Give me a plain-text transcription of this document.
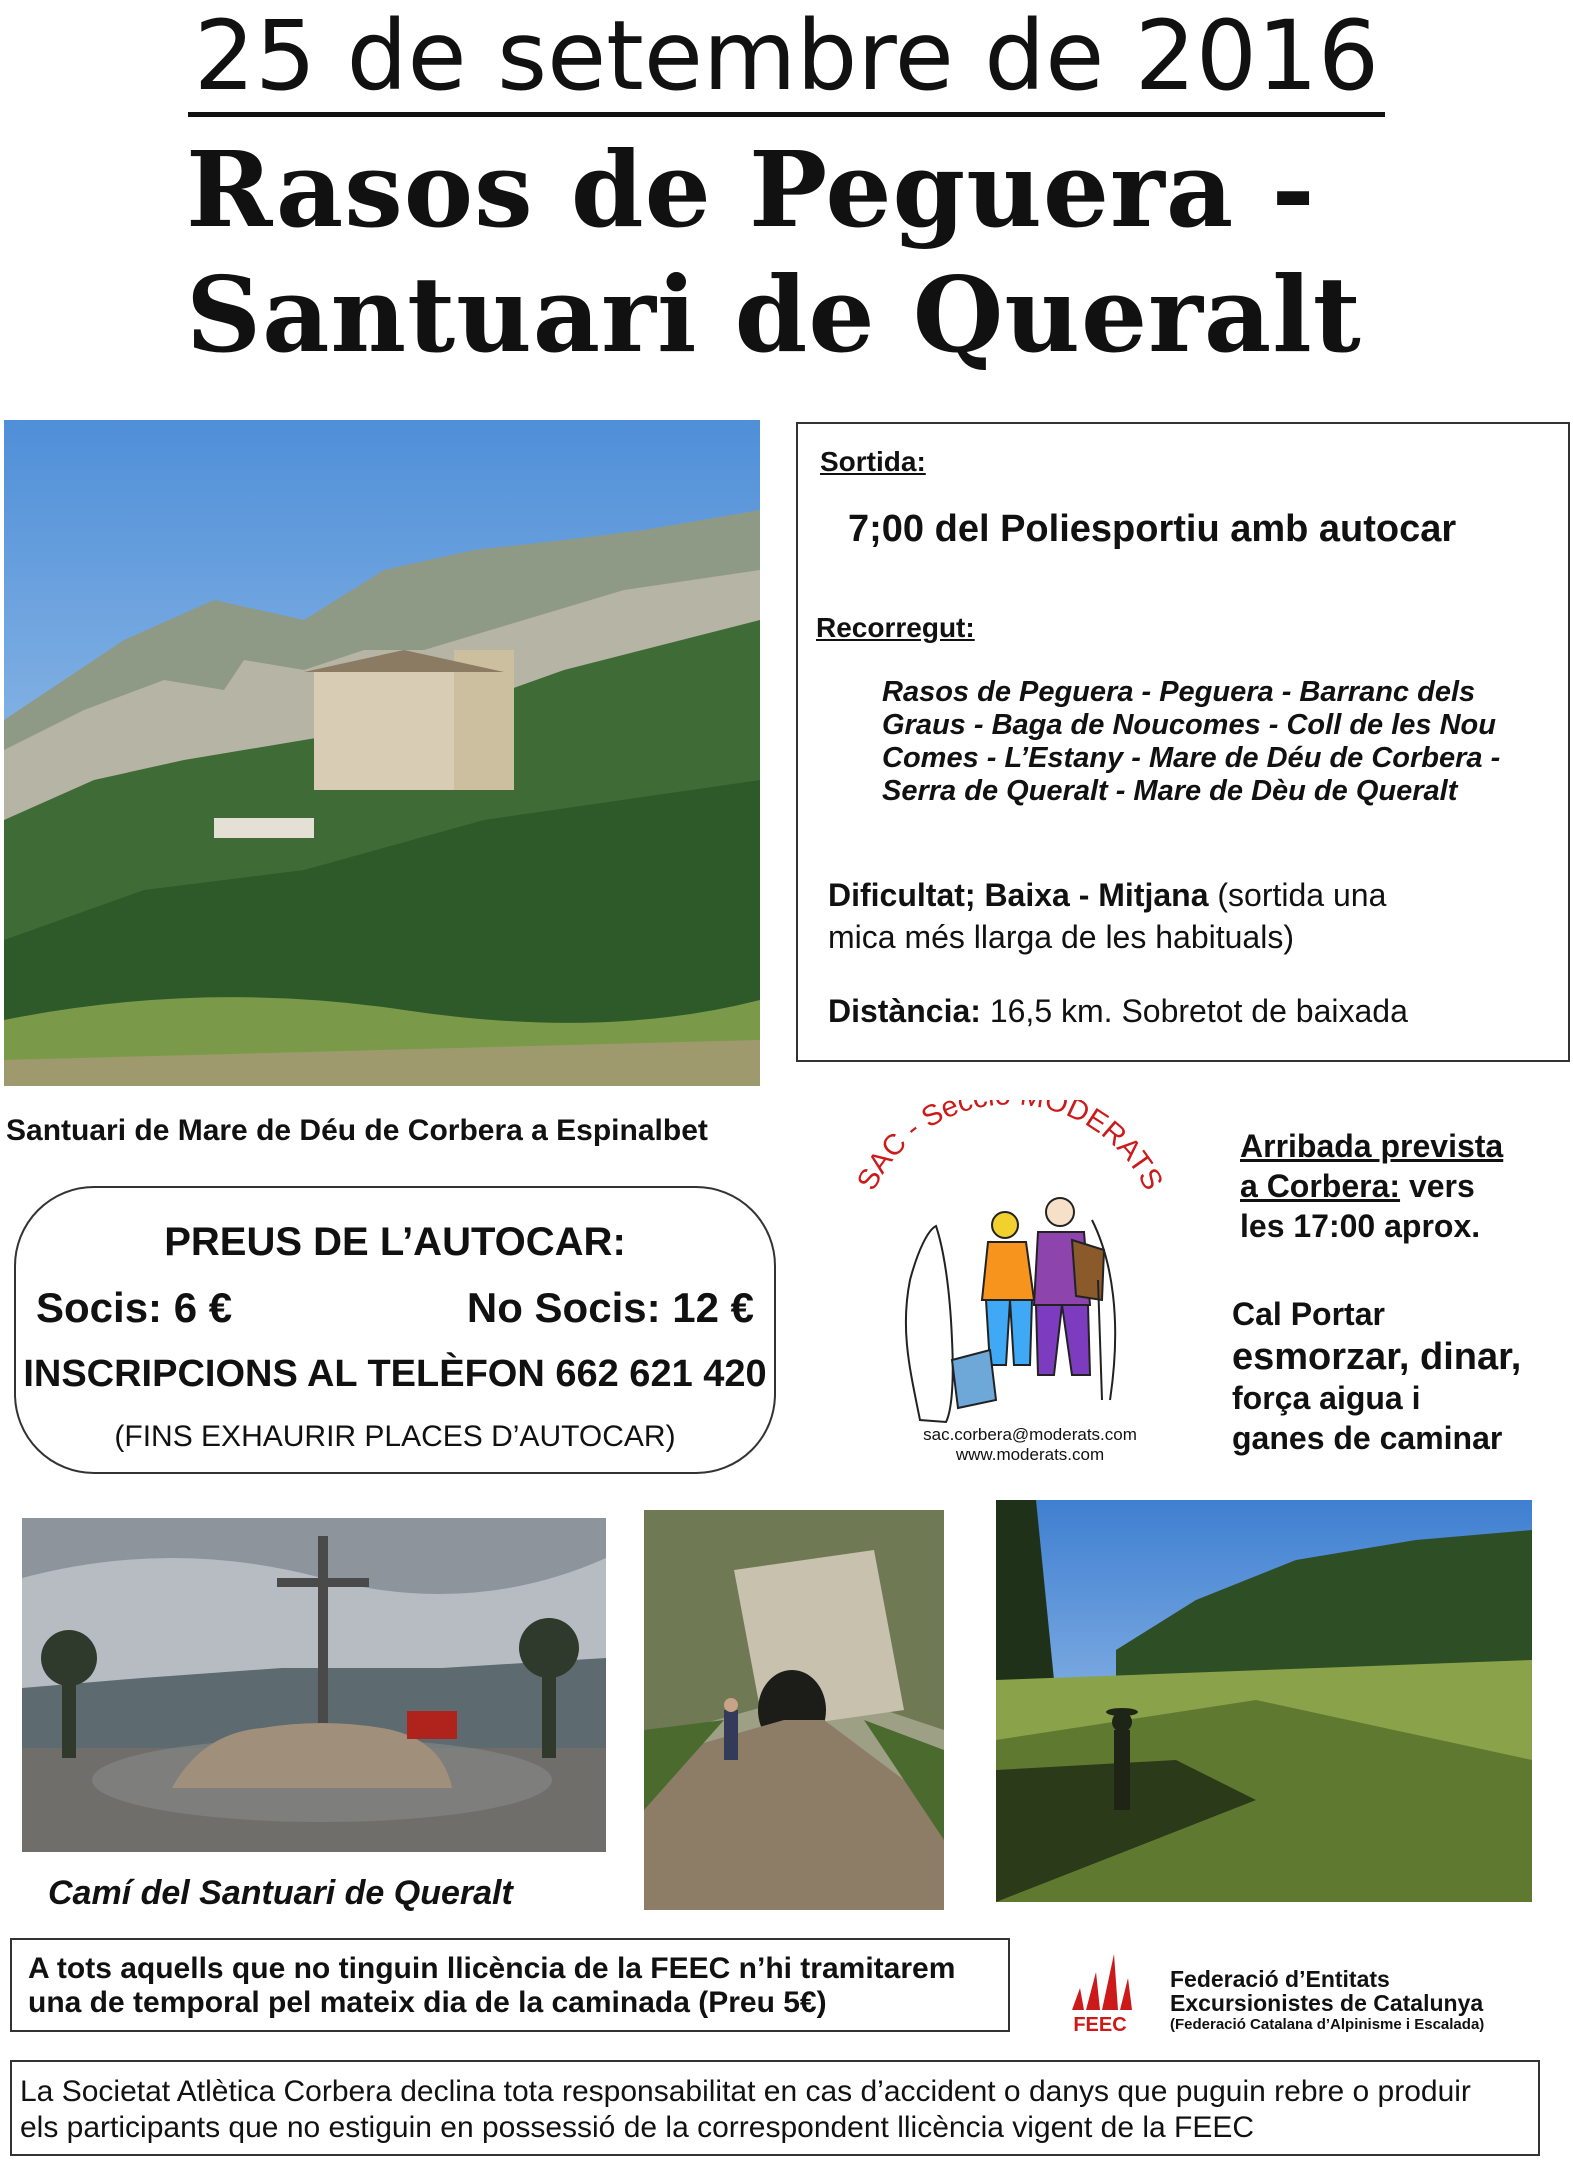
25 de setembre de 2016
Rasos de Peguera -
Santuari de Queralt
Sortida:
7;00 del Poliesportiu amb autocar
Recorregut:
Rasos de Peguera - Peguera - Barranc dels
Graus - Baga de Noucomes - Coll de les Nou
Comes - L’Estany - Mare de Déu de Corbera -
Serra de Queralt - Mare de Dèu de Queralt
Dificultat; Baixa - Mitjana (sortida una
mica més llarga de les habituals)
Distància: 16,5 km. Sobretot de baixada
Santuari de Mare de Déu de Corbera a Espinalbet
PREUS DE L’AUTOCAR:
Socis: 6 €	No Socis: 12 €
INSCRIPCIONS AL TELÈFON 662 621 420
(FINS EXHAURIR PLACES D’AUTOCAR)
SAC - Sec ODERATS
sac.corbera@moderats.com
www.moderats.com
Arribada prevista
a Corbera: vers
les 17:00 aprox.
Cal Portar
esmorzar, dinar,
força aigua i
ganes de caminar
Camí del Santuari de Queralt
A tots aquells que no tinguin llicència de la FEEC n’hi tramitarem
una de temporal pel mateix dia de la caminada (Preu 5€)
FEEC
Federació d’Entitats
Excursionistes de Catalunya
(Federació Catalana d’Alpinisme i Escalada)
La Societat Atlètica Corbera declina tota responsabilitat en cas d’accident o danys que puguin rebre o produir
els participants que no estiguin en possessió de la correspondent llicència vigent de la FEEC
